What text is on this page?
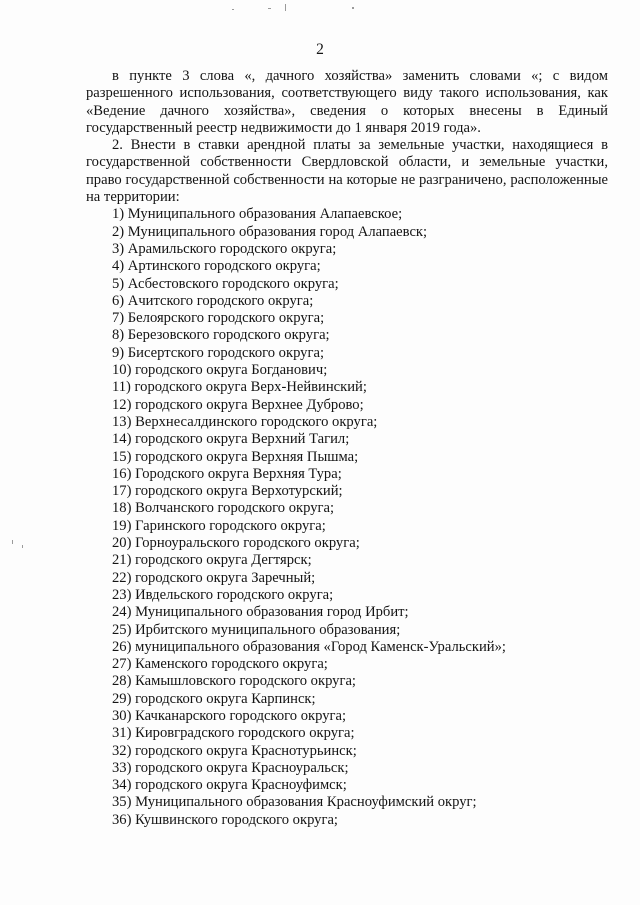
2

в пункте 3 слова «, дачного хозяйства» заменить словами «; с видом разрешенного использования, соответствующего виду такого использования, как «Ведение дачного хозяйства», сведения о которых внесены в Единый государственный реестр недвижимости до 1 января 2019 года».

2. Внести в ставки арендной платы за земельные участки, находящиеся в государственной собственности Свердловской области, и земельные участки, право государственной собственности на которые не разграничено, расположенные на территории:

1) Муниципального образования Алапаевское;
2) Муниципального образования город Алапаевск;
3) Арамильского городского округа;
4) Артинского городского округа;
5) Асбестовского городского округа;
6) Ачитского городского округа;
7) Белоярского городского округа;
8) Березовского городского округа;
9) Бисертского городского округа;
10) городского округа Богданович;
11) городского округа Верх-Нейвинский;
12) городского округа Верхнее Дуброво;
13) Верхнесалдинского городского округа;
14) городского округа Верхний Тагил;
15) городского округа Верхняя Пышма;
16) Городского округа Верхняя Тура;
17) городского округа Верхотурский;
18) Волчанского городского округа;
19) Гаринского городского округа;
20) Горноуральского городского округа;
21) городского округа Дегтярск;
22) городского округа Заречный;
23) Ивдельского городского округа;
24) Муниципального образования город Ирбит;
25) Ирбитского муниципального образования;
26) муниципального образования «Город Каменск-Уральский»;
27) Каменского городского округа;
28) Камышловского городского округа;
29) городского округа Карпинск;
30) Качканарского городского округа;
31) Кировградского городского округа;
32) городского округа Краснотурьинск;
33) городского округа Красноуральск;
34) городского округа Красноуфимск;
35) Муниципального образования Красноуфимский округ;
36) Кушвинского городского округа;
